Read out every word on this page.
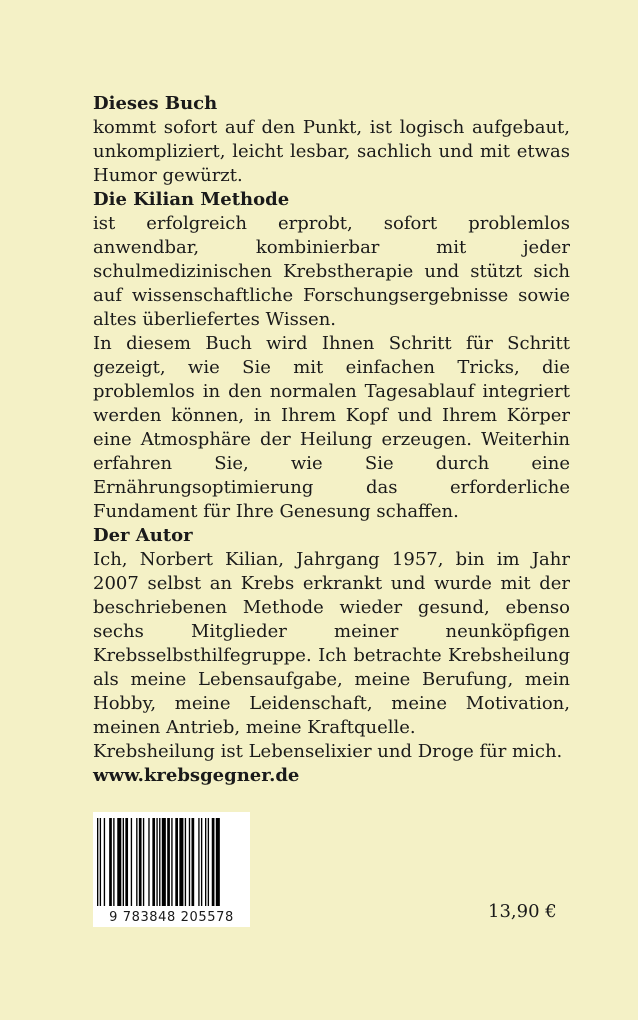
Dieses Buch

kommt sofort auf den Punkt, ist logisch aufgebaut, unkompliziert, leicht lesbar, sachlich und mit etwas Humor gewürzt.

Die Kilian Methode

ist erfolgreich erprobt, sofort problemlos anwendbar, kombinierbar mit jeder schulmedizinischen Krebstherapie und stützt sich auf wissenschaftliche Forschungsergebnisse sowie altes überliefertes Wissen.

In diesem Buch wird Ihnen Schritt für Schritt gezeigt, wie Sie mit einfachen Tricks, die problemlos in den normalen Tagesablauf integriert werden können, in Ihrem Kopf und Ihrem Körper eine Atmosphäre der Heilung erzeugen. Weiterhin erfahren Sie, wie Sie durch eine Ernährungsoptimierung das erforderliche Fundament für Ihre Genesung schaffen.

Der Autor

Ich, Norbert Kilian, Jahrgang 1957, bin im Jahr 2007 selbst an Krebs erkrankt und wurde mit der beschriebenen Methode wieder gesund, ebenso sechs Mitglieder meiner neunköpfigen Krebsselbsthilfegruppe. Ich betrachte Krebsheilung als meine Lebensaufgabe, meine Berufung, mein Hobby, meine Leidenschaft, meine Motivation, meinen Antrieb, meine Kraftquelle.

Krebsheilung ist Lebenselixier und Droge für mich.

www.krebsgegner.de

9 783848 205578	13,90 €
